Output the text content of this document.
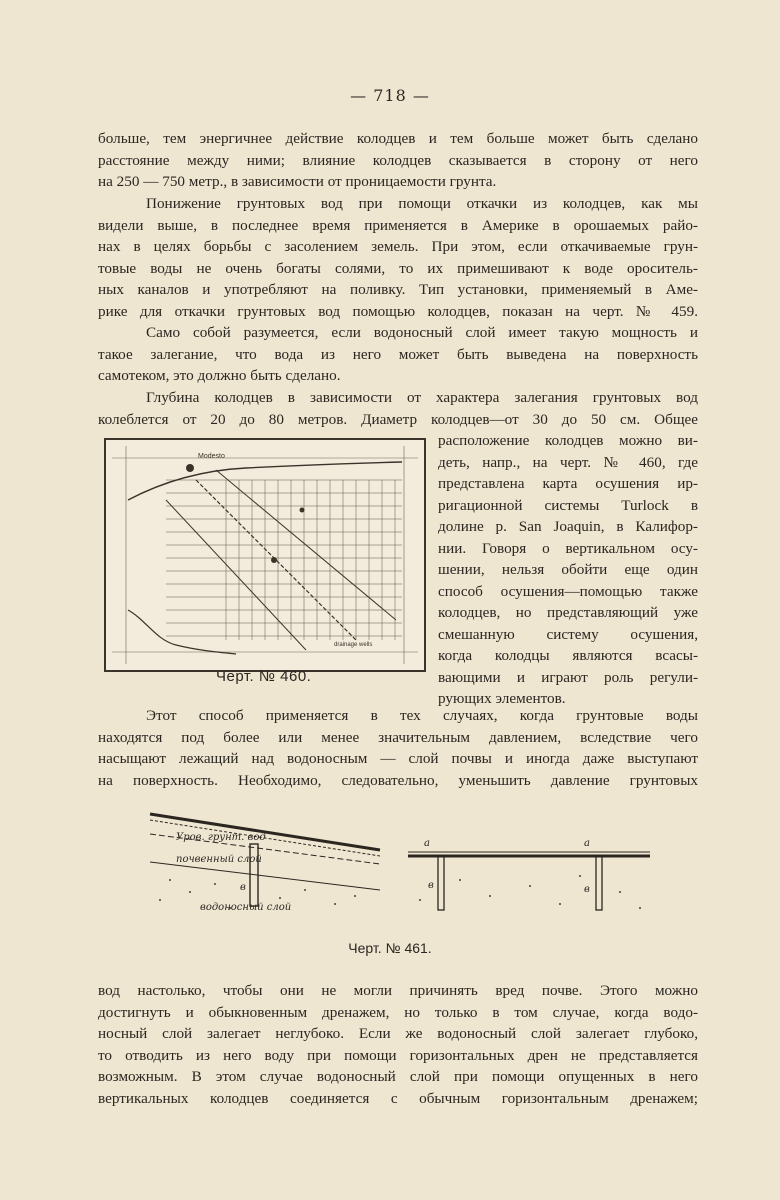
— 718 —
больше, тем энергичнее действие колодцев и тем больше может быть сделано
расстояние между ними; влияние колодцев сказывается в сторону от него
на 250 — 750 метр., в зависимости от проницаемости грунта.
Понижение грунтовых вод при помощи откачки из колодцев, как мы
видели выше, в последнее время применяется в Америке в орошаемых райо-
нах в целях борьбы с засолением земель. При этом, если откачиваемые грун-
товые воды не очень богаты солями, то их примешивают к воде ороситель-
ных каналов и употребляют на поливку. Тип установки, применяемый в Аме-
рике для откачки грунтовых вод помощью колодцев, показан на черт. № 459.
Само собой разумеется, если водоносный слой имеет такую мощность и
такое залегание, что вода из него может быть выведена на поверхность
самотеком, это должно быть сделано.
Глубина колодцев в зависимости от характера залегания грунтовых вод
колеблется от 20 до 80 метров. Диаметр колодцев—от 30 до 50 см. Общее
расположение колодцев можно ви-
деть, напр., на черт. № 460, где
представлена карта осушения ир-
ригационной системы Turlock в
долине р. San Joaquin, в Калифор-
нии. Говоря о вертикальном осу-
шении, нельзя обойти еще один
способ осушения—помощью также
колодцев, но представляющий уже
смешанную систему осушения,
когда колодцы являются всасы-
вающими и играют роль регули-
рующих элементов.
Modesto
drainage wells
Черт. № 460.
Этот способ применяется в тех случаях, когда грунтовые воды
находятся под более или менее значительным давлением, вследствие чего
насыщают лежащий над водоносным — слой почвы и иногда даже выступают
на поверхность. Необходимо, следовательно, уменьшить давление грунтовых
Уров. грунт. вод
почвенный слой
водоносный слой
в
а	а
в	в
Черт. № 461.
вод настолько, чтобы они не могли причинять вред почве. Этого можно
достигнуть и обыкновенным дренажем, но только в том случае, когда водо-
носный слой залегает неглубоко. Если же водоносный слой залегает глубоко,
то отводить из него воду при помощи горизонтальных дрен не представляется
возможным. В этом случае водоносный слой при помощи опущенных в него
вертикальных колодцев соединяется с обычным горизонтальным дренажем;
